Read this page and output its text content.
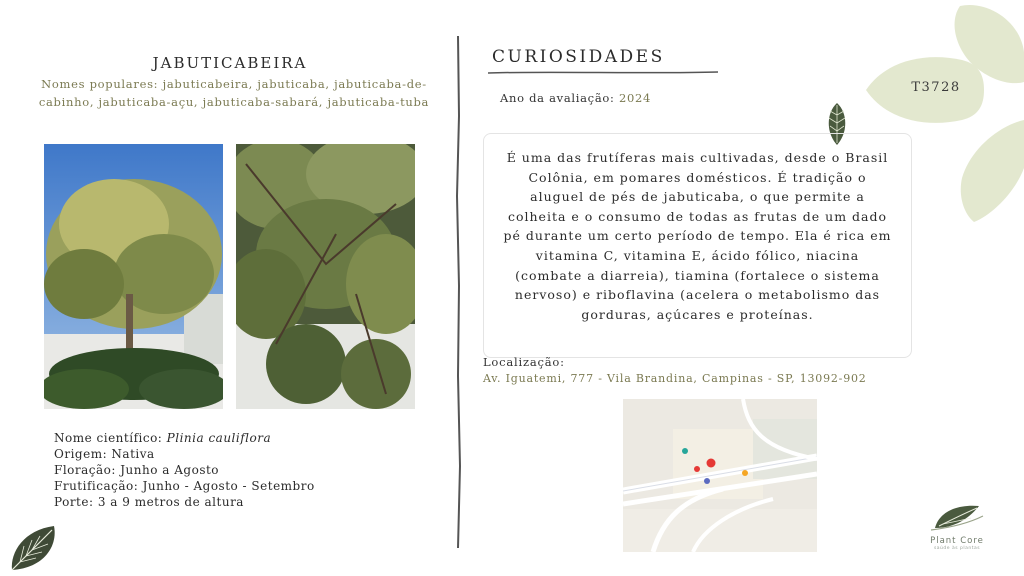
T3728
JABUTICABEIRA
Nomes populares: jabuticabeira, jabuticaba, jabuticaba-de-cabinho, jabuticaba-açu, jabuticaba-sabará, jabuticaba-tuba
Nome científico: Plinia cauliflora
Origem: Nativa
Floração: Junho a Agosto
Frutificação: Junho - Agosto - Setembro
Porte: 3 a 9 metros de altura
CURIOSIDADES
Ano da avaliação: 2024
É uma das frutíferas mais cultivadas, desde o Brasil Colônia, em pomares domésticos. É tradição o aluguel de pés de jabuticaba, o que permite a colheita e o consumo de todas as frutas de um dado pé durante um certo período de tempo. Ela é rica em vitamina C, vitamina E, ácido fólico, niacina (combate a diarreia), tiamina (fortalece o sistema nervoso) e riboflavina (acelera o metabolismo das gorduras, açúcares e proteínas.
Localização:
Av. Iguatemi, 777 - Vila Brandina, Campinas - SP, 13092-902
Plant Core
saúde às plantas
